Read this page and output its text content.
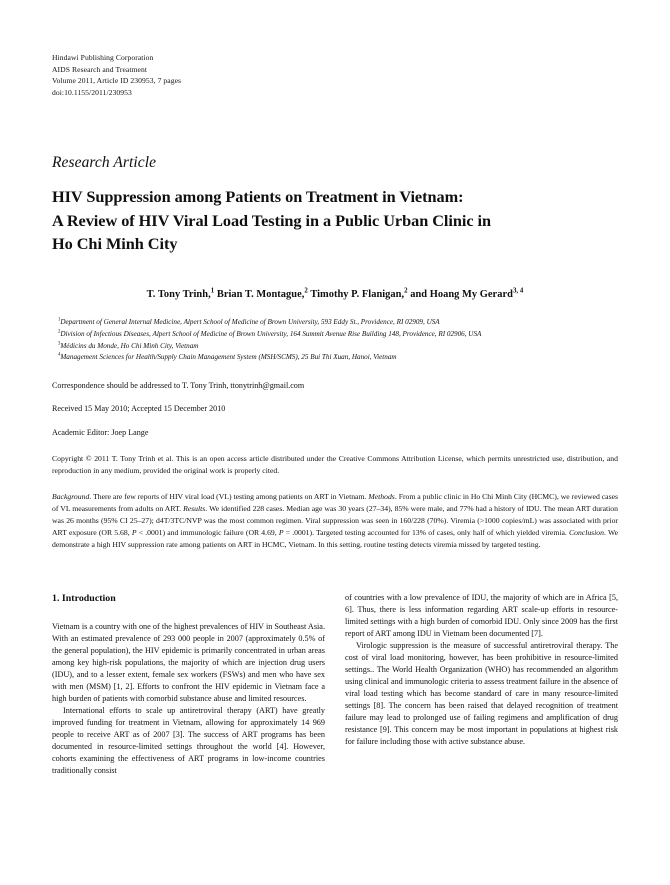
Hindawi Publishing Corporation
AIDS Research and Treatment
Volume 2011, Article ID 230953, 7 pages
doi:10.1155/2011/230953
Research Article
HIV Suppression among Patients on Treatment in Vietnam:
A Review of HIV Viral Load Testing in a Public Urban Clinic in
Ho Chi Minh City
T. Tony Trinh,$^1$ Brian T. Montague,$^2$ Timothy P. Flanigan,$^2$ and Hoang My Gerard$^{3, 4}$
$^1$Department of General Internal Medicine, Alpert School of Medicine of Brown University, 593 Eddy St., Providence, RI 02909, USA
$^2$Division of Infectious Diseases, Alpert School of Medicine of Brown University, 164 Summit Avenue Rise Building 148, Providence, RI 02906, USA
$^3$Médicins du Monde, Ho Chi Minh City, Vietnam
$^4$Management Sciences for Health/Supply Chain Management System (MSH/SCMS), 25 Bui Thi Xuan, Hanoi, Vietnam
Correspondence should be addressed to T. Tony Trinh, ttonytrinh@gmail.com
Received 15 May 2010; Accepted 15 December 2010
Academic Editor: Joep Lange
Copyright © 2011 T. Tony Trinh et al. This is an open access article distributed under the Creative Commons Attribution License, which permits unrestricted use, distribution, and reproduction in any medium, provided the original work is properly cited.
Background. There are few reports of HIV viral load (VL) testing among patients on ART in Vietnam. Methods. From a public clinic in Ho Chi Minh City (HCMC), we reviewed cases of VL measurements from adults on ART. Results. We identified 228 cases. Median age was 30 years (27–34), 85% were male, and 77% had a history of IDU. The mean ART duration was 26 months (95% CI 25–27); d4T/3TC/NVP was the most common regimen. Viral suppression was seen in 160/228 (70%). Viremia (>1000 copies/mL) was associated with prior ART exposure (OR 5.68, P < .0001) and immunologic failure (OR 4.69, P = .0001). Targeted testing accounted for 13% of cases, only half of which yielded viremia. Conclusion. We demonstrate a high HIV suppression rate among patients on ART in HCMC, Vietnam. In this setting, routine testing detects viremia missed by targeted testing.
1. Introduction

Vietnam is a country with one of the highest prevalences of HIV in Southeast Asia. With an estimated prevalence of 293 000 people in 2007 (approximately 0.5% of the general population), the HIV epidemic is primarily concentrated in urban areas among key high-risk populations, the majority of which are injection drug users (IDU), and to a lesser extent, female sex workers (FSWs) and men who have sex with men (MSM) [1, 2]. Efforts to confront the HIV epidemic in Vietnam face a high burden of patients with comorbid substance abuse and limited resources.

International efforts to scale up antiretroviral therapy (ART) have greatly improved funding for treatment in Vietnam, allowing for approximately 14 969 people to receive ART as of 2007 [3]. The success of ART programs has been documented in resource-limited settings throughout the world [4]. However, cohorts examining the effectiveness of ART programs in low-income countries traditionally consist

of countries with a low prevalence of IDU, the majority of which are in Africa [5, 6]. Thus, there is less information regarding ART scale-up efforts in resource-limited settings with a high burden of comorbid IDU. Only since 2009 has the first report of ART among IDU in Vietnam been documented [7].

Virologic suppression is the measure of successful antiretroviral therapy. The cost of viral load monitoring, however, has been prohibitive in resource-limited settings.. The World Health Organization (WHO) has recommended an algorithm using clinical and immunologic criteria to assess treatment failure in the absence of viral load testing which has become standard of care in many resource-limited settings [8]. The concern has been raised that delayed recognition of treatment failure may lead to prolonged use of failing regimens and amplification of drug resistance [9]. This concern may be most important in populations at highest risk for failure including those with active substance abuse.
